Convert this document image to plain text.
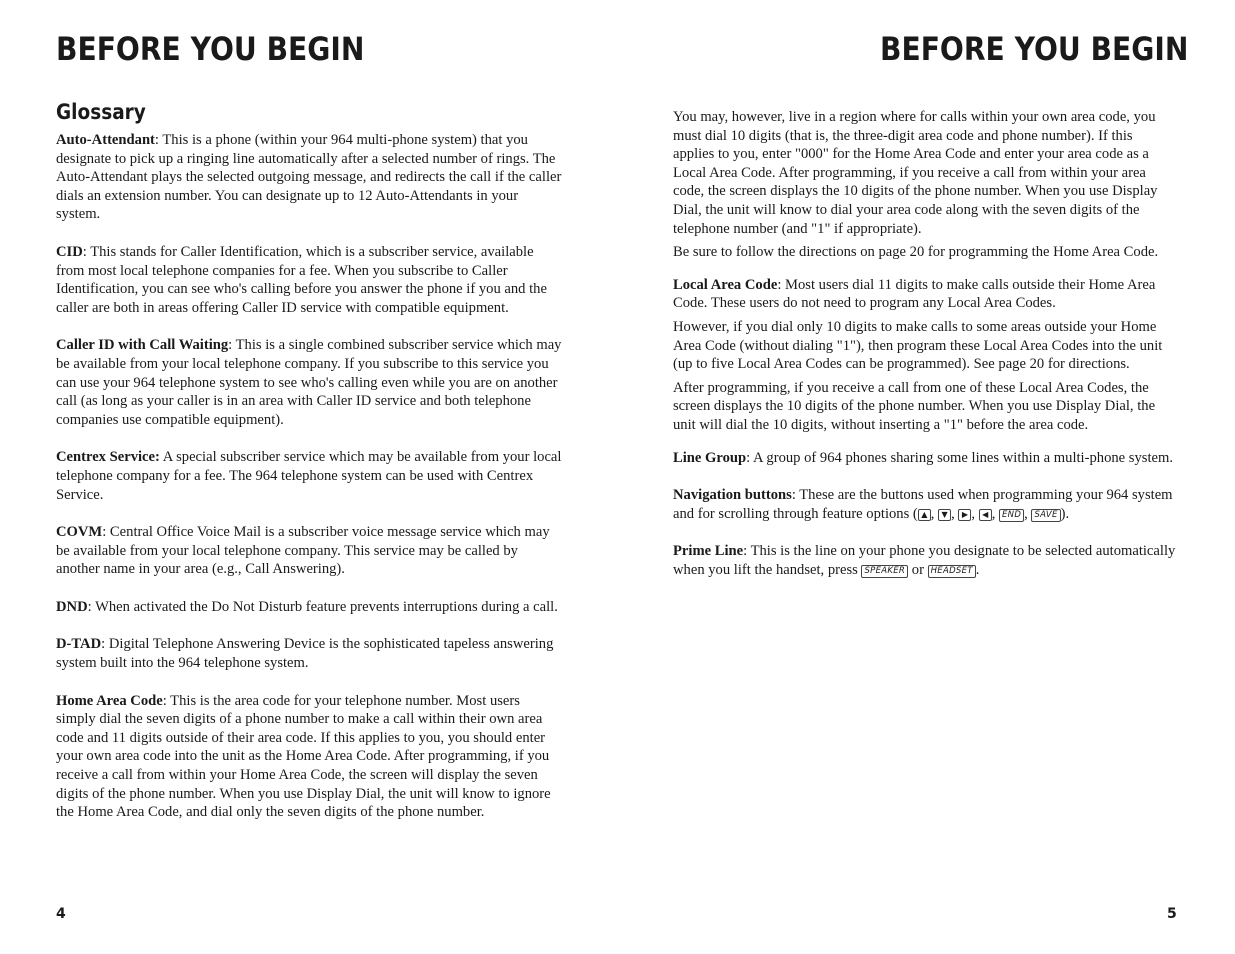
BEFORE YOU BEGIN
Glossary

Auto-Attendant: This is a phone (within your 964 multi-phone system) that you designate to pick up a ringing line automatically after a selected number of rings. The Auto-Attendant plays the selected outgoing message, and redirects the call if the caller dials an extension number. You can designate up to 12 Auto-Attendants in your system.

CID: This stands for Caller Identification, which is a subscriber service, available from most local telephone companies for a fee. When you subscribe to Caller Identification, you can see who's calling before you answer the phone if you and the caller are both in areas offering Caller ID service with compatible equipment.

Caller ID with Call Waiting: This is a single combined subscriber service which may be available from your local telephone company. If you subscribe to this service you can use your 964 telephone system to see who's calling even while you are on another call (as long as your caller is in an area with Caller ID service and both telephone companies use compatible equipment).

Centrex Service: A special subscriber service which may be available from your local telephone company for a fee. The 964 telephone system can be used with Centrex Service.

COVM: Central Office Voice Mail is a subscriber voice message service which may be available from your local telephone company. This service may be called by another name in your area (e.g., Call Answering).

DND: When activated the Do Not Disturb feature prevents interruptions during a call.

D-TAD: Digital Telephone Answering Device is the sophisticated tapeless answering system built into the 964 telephone system.

Home Area Code: This is the area code for your telephone number. Most users simply dial the seven digits of a phone number to make a call within their own area code and 11 digits outside of their area code. If this applies to you, you should enter your own area code into the unit as the Home Area Code. After programming, if you receive a call from within your Home Area Code, the screen will display the seven digits of the phone number. When you use Display Dial, the unit will know to ignore the Home Area Code, and dial only the seven digits of the phone number.

4
BEFORE YOU BEGIN

You may, however, live in a region where for calls within your own area code, you must dial 10 digits (that is, the three-digit area code and phone number). If this applies to you, enter "000" for the Home Area Code and enter your area code as a Local Area Code. After programming, if you receive a call from within your area code, the screen displays the 10 digits of the phone number. When you use Display Dial, the unit will know to dial your area code along with the seven digits of the telephone number (and "1" if appropriate).

Be sure to follow the directions on page 20 for programming the Home Area Code.

Local Area Code: Most users dial 11 digits to make calls outside their Home Area Code. These users do not need to program any Local Area Codes.

However, if you dial only 10 digits to make calls to some areas outside your Home Area Code (without dialing "1"), then program these Local Area Codes into the unit (up to five Local Area Codes can be programmed). See page 20 for directions.

After programming, if you receive a call from one of these Local Area Codes, the screen displays the 10 digits of the phone number. When you use Display Dial, the unit will dial the 10 digits, without inserting a "1" before the area code.

Line Group: A group of 964 phones sharing some lines within a multi-phone system.

Navigation buttons: These are the buttons used when programming your 964 system and for scrolling through feature options ( ▲ , ▼ , ▶ , ◀ , END , SAVE ).

Prime Line: This is the line on your phone you designate to be selected automatically when you lift the handset, press SPEAKER or HEADSET .

5
